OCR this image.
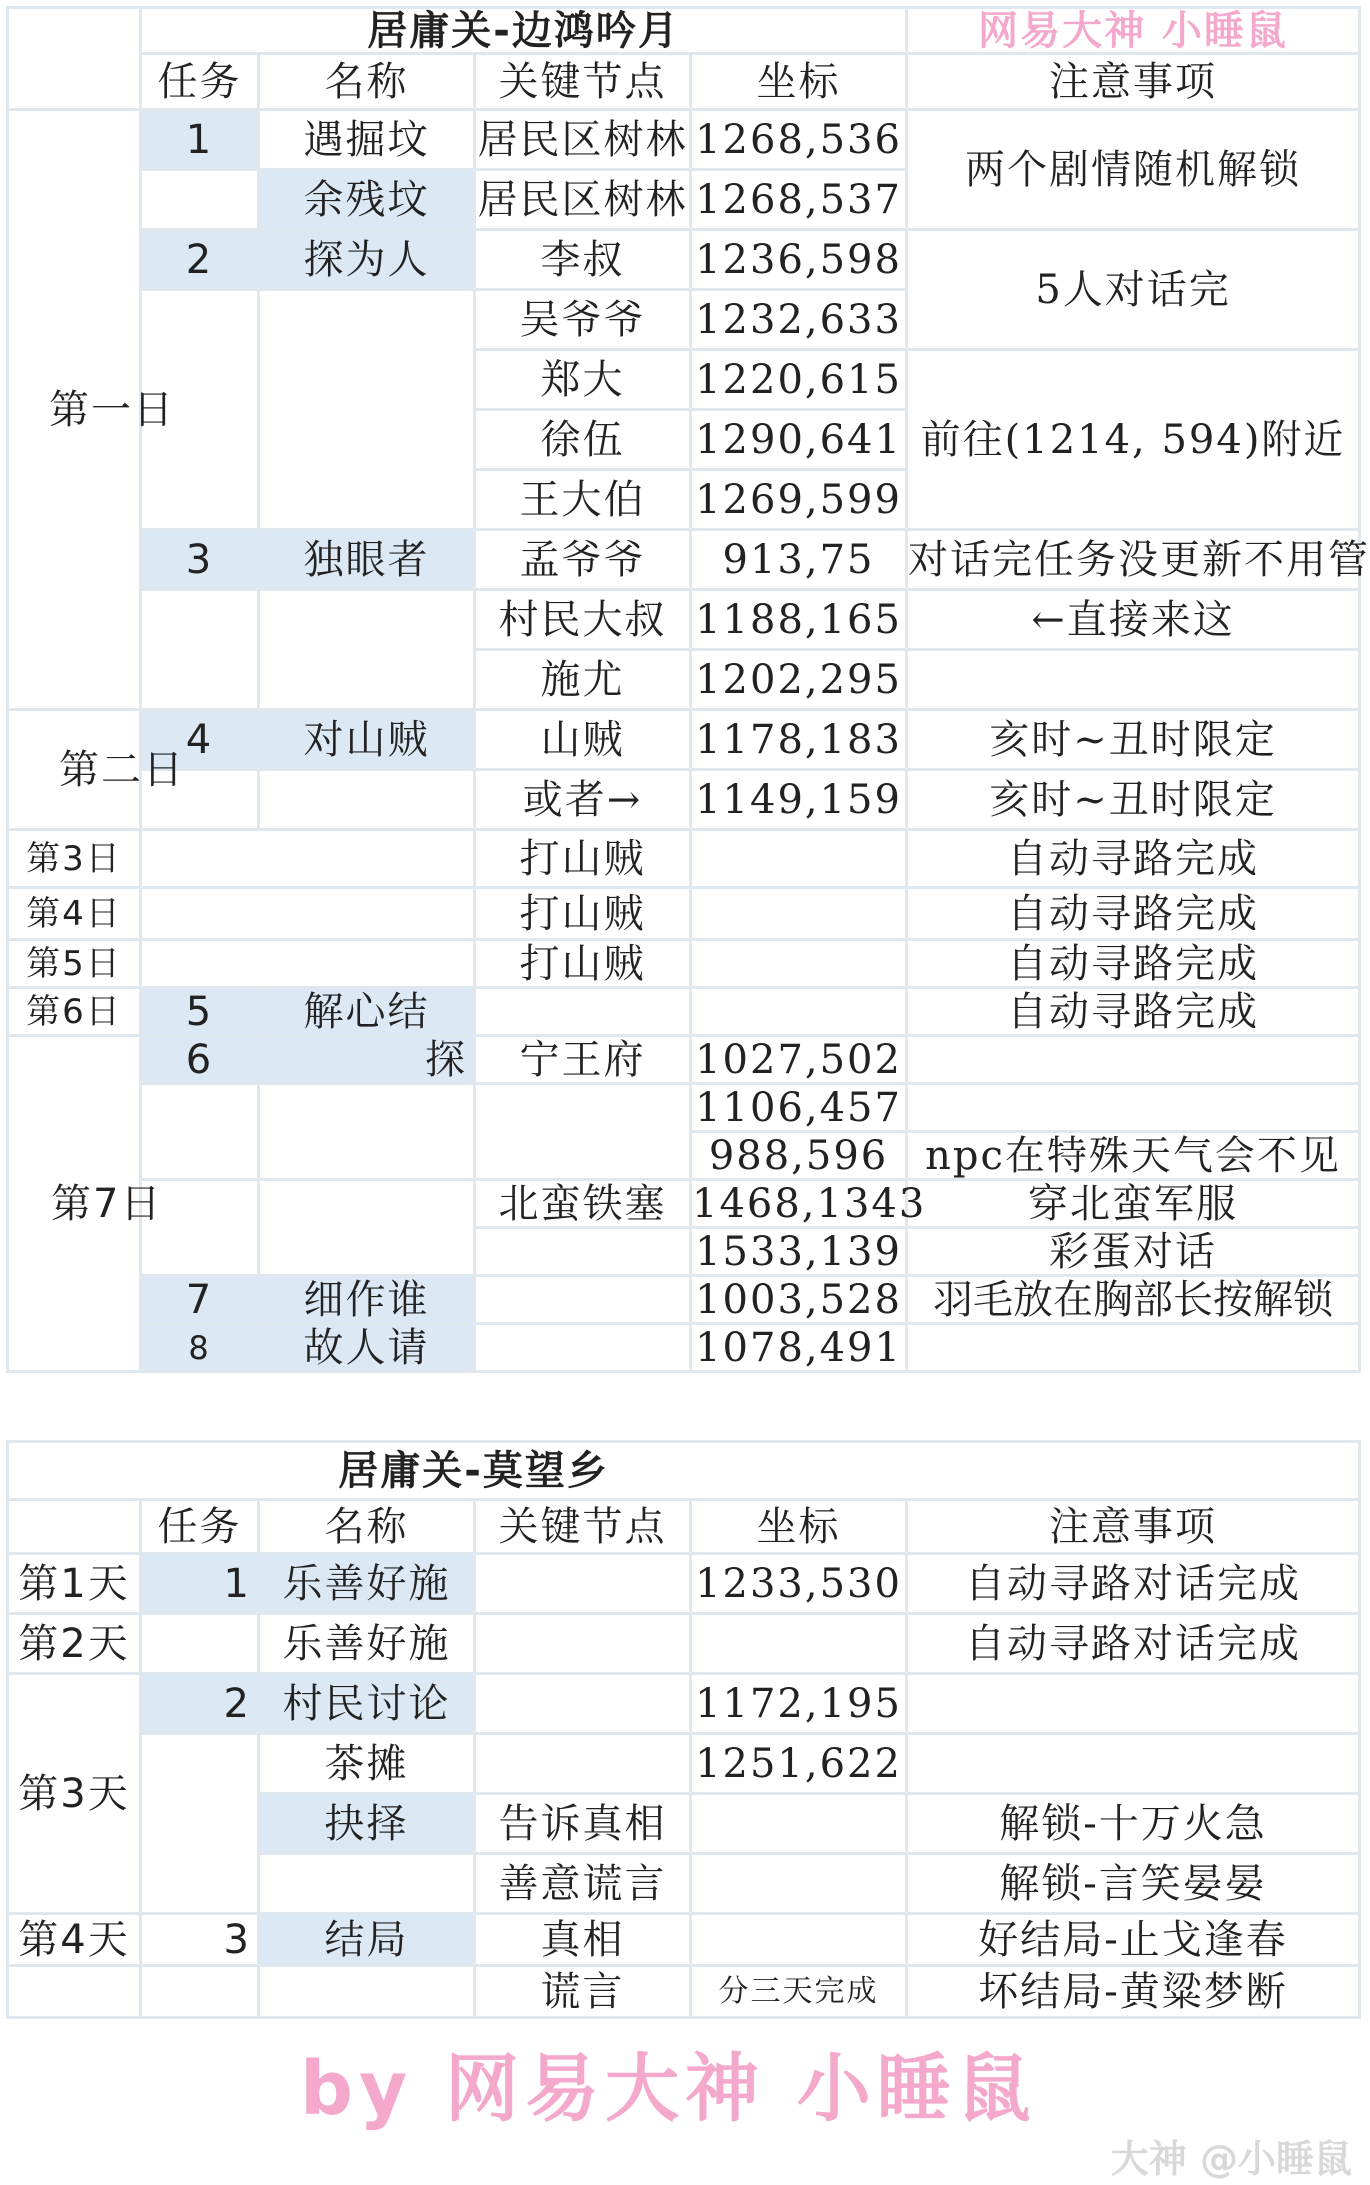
	居庸关-边鸿吟月				网易大神 小睡鼠
	任务	名称	关键节点	坐标	注意事项
第一日	1	遇掘坟	居民区树林	1268,536	两个剧情随机解锁
		余残坟	居民区树林	1268,537	
	2	探为人	李叔	1236,598	5人对话完
			吴爷爷	1232,633	
			郑大	1220,615	前往(1214, 594)附近
			徐伍	1290,641	
			王大伯	1269,599	
	3	独眼者	孟爷爷	913,75	对话完任务没更新不用管
			村民大叔	1188,165	←直接来这
			施尤	1202,295	
第二日	4	对山贼	山贼	1178,183	亥时~丑时限定
			或者→	1149,159	亥时~丑时限定
第3日			打山贼		自动寻路完成
第4日			打山贼		自动寻路完成
第5日			打山贼		自动寻路完成
第6日	5	解心结			自动寻路完成
第7日	6	探	宁王府	1027,502	
				1106,457	
				988,596	npc在特殊天气会不见
			北蛮铁塞	1468,1343	穿北蛮军服
				1533,139	彩蛋对话
	7	细作谁		1003,528	羽毛放在胸部长按解锁
	8	故人请		1078,491	
居庸关-莫望乡					
	任务	名称	关键节点	坐标	注意事项
第1天	1	乐善好施		1233,530	自动寻路对话完成
第2天		乐善好施			自动寻路对话完成
第3天	2	村民讨论		1172,195	
		茶摊		1251,622	
		抉择	告诉真相		解锁-十万火急
			善意谎言		解锁-言笑晏晏
第4天	3	结局	真相		好结局-止戈逢春
			谎言	分三天完成	坏结局-黄粱梦断
by 网易大神 小睡鼠
大神 @小睡鼠
